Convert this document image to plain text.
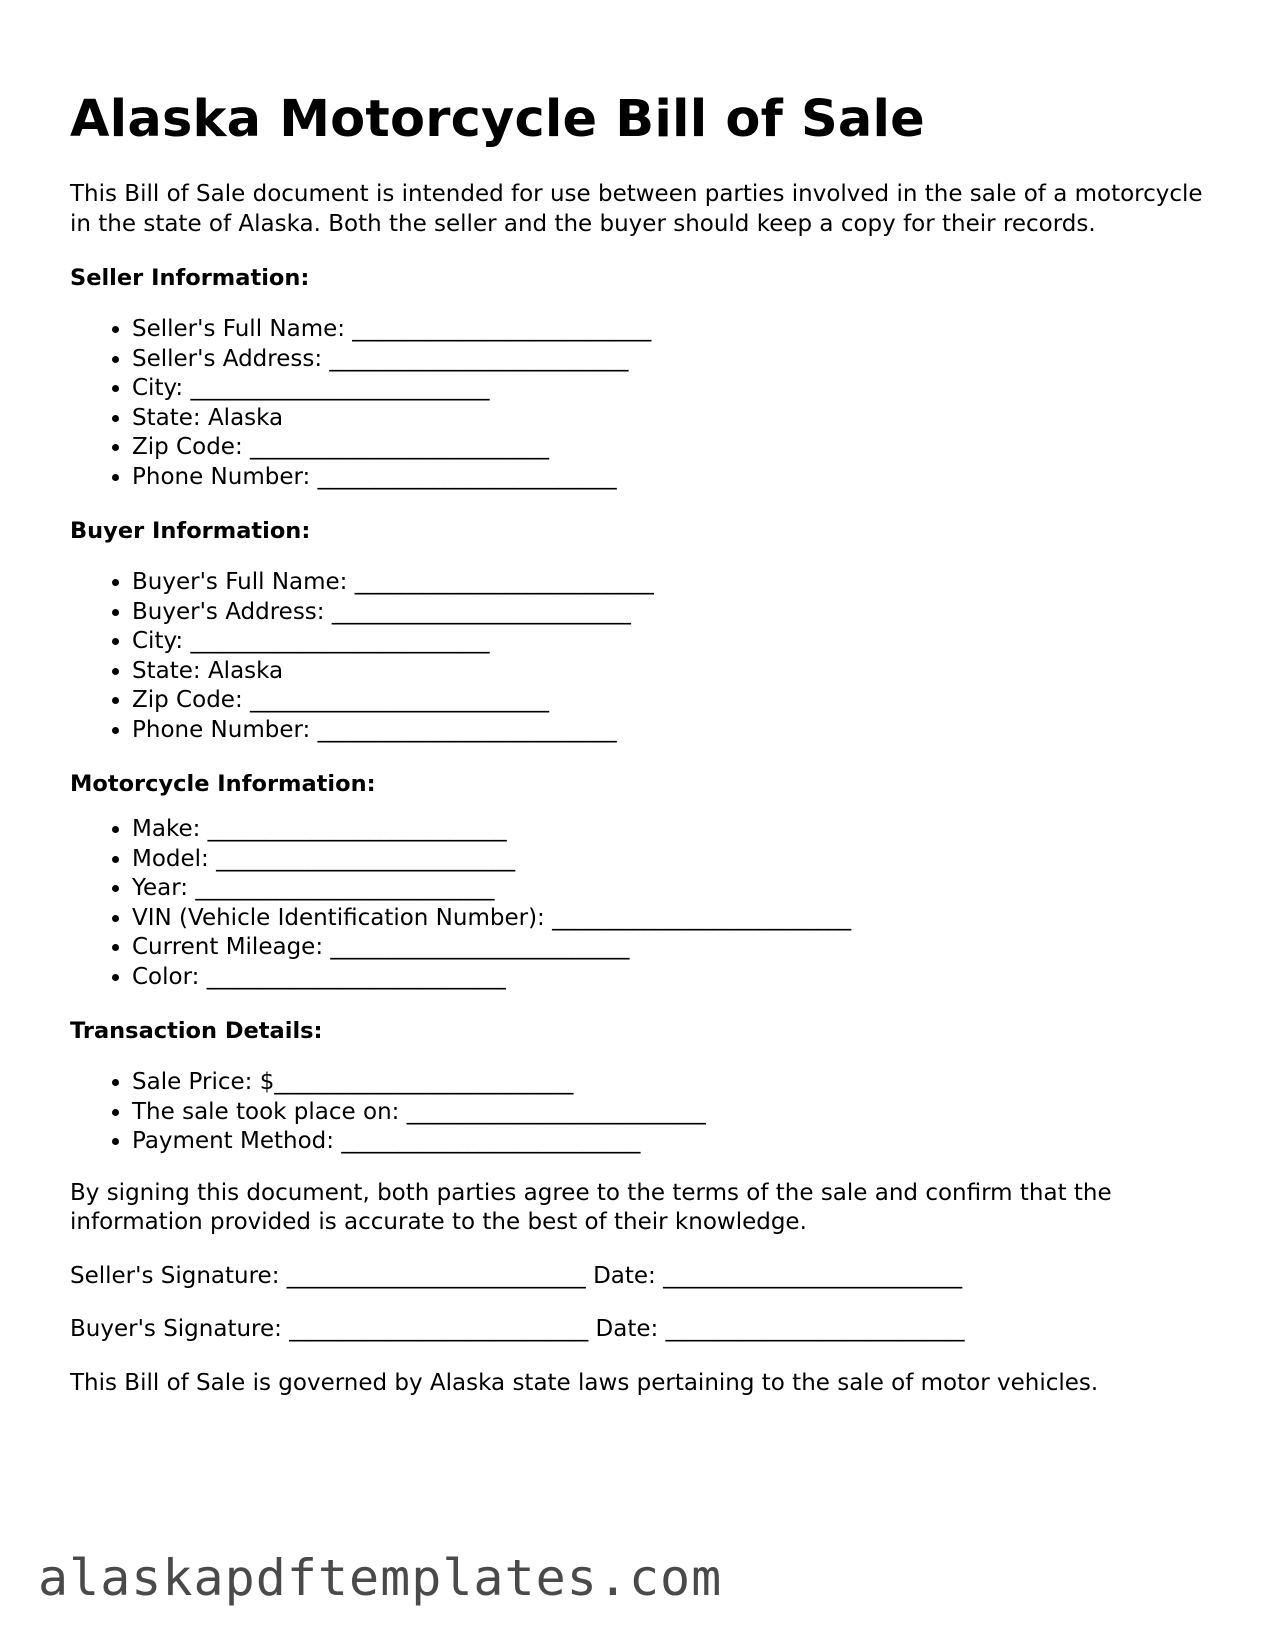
Alaska Motorcycle Bill of Sale

This Bill of Sale document is intended for use between parties involved in the sale of a motorcycle in the state of Alaska. Both the seller and the buyer should keep a copy for their records.

Seller Information:
• Seller's Full Name: __________________________
• Seller's Address: __________________________
• City: __________________________
• State: Alaska
• Zip Code: __________________________
• Phone Number: __________________________
Buyer Information:
• Buyer's Full Name: __________________________
• Buyer's Address: __________________________
• City: __________________________
• State: Alaska
• Zip Code: __________________________
• Phone Number: __________________________
Motorcycle Information:
• Make: __________________________
• Model: __________________________
• Year: __________________________
• VIN (Vehicle Identification Number): __________________________
• Current Mileage: __________________________
• Color: __________________________
Transaction Details:
• Sale Price: $__________________________
• The sale took place on: __________________________
• Payment Method: __________________________

By signing this document, both parties agree to the terms of the sale and confirm that the information provided is accurate to the best of their knowledge.

Seller's Signature: __________________________ Date: __________________________

Buyer's Signature: __________________________ Date: __________________________

This Bill of Sale is governed by Alaska state laws pertaining to the sale of motor vehicles.

alaskapdftemplates.com
